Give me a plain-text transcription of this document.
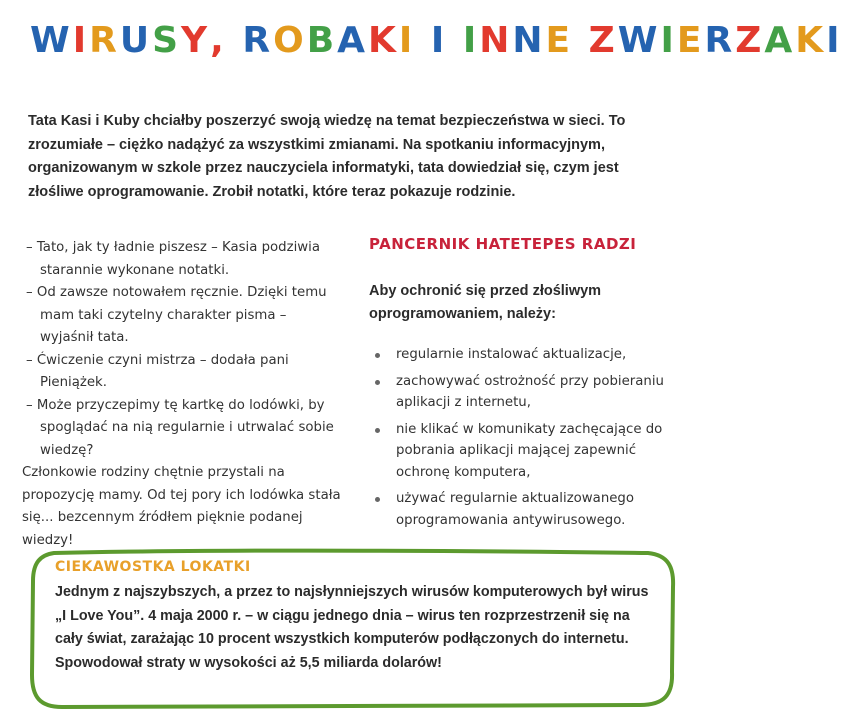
WIRUSY, ROBAKI I INNE ZWIERZAKI

Tata Kasi i Kuby chciałby poszerzyć swoją wiedzę na temat bezpieczeństwa w sieci. To zrozumiałe – ciężko nadążyć za wszystkimi zmianami. Na spotkaniu informacyjnym, organizowanym w szkole przez nauczyciela informatyki, tata dowiedział się, czym jest złośliwe oprogramowanie. Zrobił notatki, które teraz pokazuje rodzinie.

– Tato, jak ty ładnie piszesz – Kasia podziwia starannie wykonane notatki.
– Od zawsze notowałem ręcznie. Dzięki temu mam taki czytelny charakter pisma – wyjaśnił tata.
– Ćwiczenie czyni mistrza – dodała pani Pieniążek.
– Może przyczepimy tę kartkę do lodówki, by spoglądać na nią regularnie i utrwalać sobie wiedzę?
Członkowie rodziny chętnie przystali na propozycję mamy. Od tej pory ich lodówka stała się... bezcennym źródłem pięknie podanej wiedzy!
PANCERNIK HATETEPES RADZI

Aby ochronić się przed złośliwym oprogramowaniem, należy:

regularnie instalować aktualizacje,
zachowywać ostrożność przy pobieraniu aplikacji z internetu,
nie klikać w komunikaty zachęcające do pobrania aplikacji mającej zapewnić ochronę komputera,
używać regularnie aktualizowanego oprogramowania antywirusowego.
CIEKAWOSTKA LOKATKI

Jednym z najszybszych, a przez to najsłynniejszych wirusów komputerowych był wirus „I Love You”. 4 maja 2000 r. – w ciągu jednego dnia – wirus ten rozprzestrzenił się na cały świat, zarażając 10 procent wszystkich komputerów podłączonych do internetu. Spowodował straty w wysokości aż 5,5 miliarda dolarów!
